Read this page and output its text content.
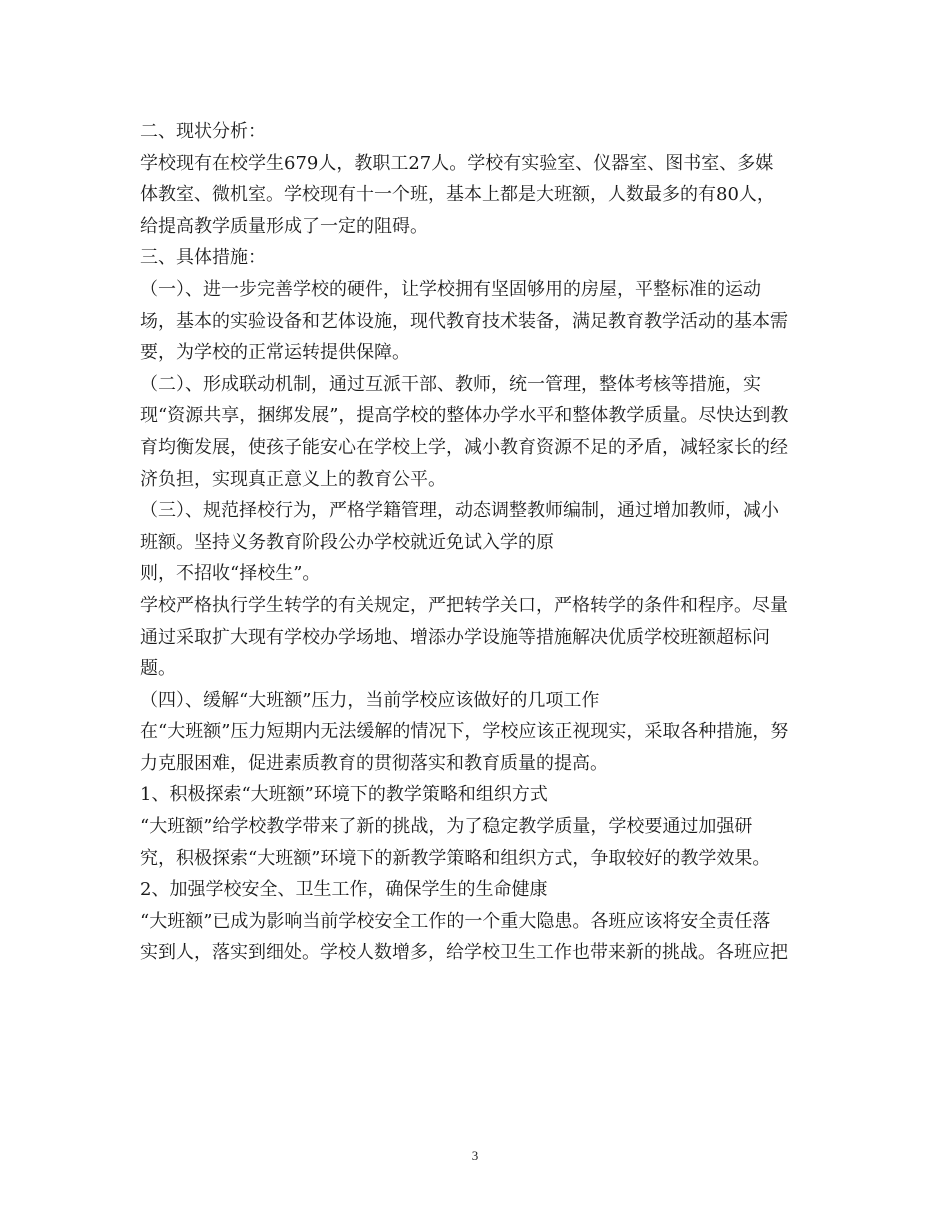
二、现状分析：

学校现有在校学生679人，教职工27人。学校有实验室、仪器室、图书室、多媒

体教室、微机室。学校现有十一个班，基本上都是大班额，人数最多的有80人，

给提高教学质量形成了一定的阻碍。

三、具体措施：

（一）、进一步完善学校的硬件，让学校拥有坚固够用的房屋，平整标准的运动

场，基本的实验设备和艺体设施，现代教育技术装备，满足教育教学活动的基本需

要，为学校的正常运转提供保障。

（二）、形成联动机制，通过互派干部、教师，统一管理，整体考核等措施，实

现“资源共享，捆绑发展”，提高学校的整体办学水平和整体教学质量。尽快达到教

育均衡发展，使孩子能安心在学校上学，减小教育资源不足的矛盾，减轻家长的经

济负担，实现真正意义上的教育公平。

（三）、规范择校行为，严格学籍管理，动态调整教师编制，通过增加教师，减小

班额。坚持义务教育阶段公办学校就近免试入学的原

则，不招收“择校生”。

学校严格执行学生转学的有关规定，严把转学关口，严格转学的条件和程序。尽量

通过采取扩大现有学校办学场地、增添办学设施等措施解决优质学校班额超标问

题。

（四）、缓解“大班额”压力，当前学校应该做好的几项工作

在“大班额”压力短期内无法缓解的情况下，学校应该正视现实，采取各种措施，努

力克服困难，促进素质教育的贯彻落实和教育质量的提高。

1、积极探索“大班额”环境下的教学策略和组织方式

“大班额”给学校教学带来了新的挑战，为了稳定教学质量，学校要通过加强研

究，积极探索“大班额”环境下的新教学策略和组织方式，争取较好的教学效果。

2、加强学校安全、卫生工作，确保学生的生命健康

“大班额”已成为影响当前学校安全工作的一个重大隐患。各班应该将安全责任落

实到人，落实到细处。学校人数增多，给学校卫生工作也带来新的挑战。各班应把

3
